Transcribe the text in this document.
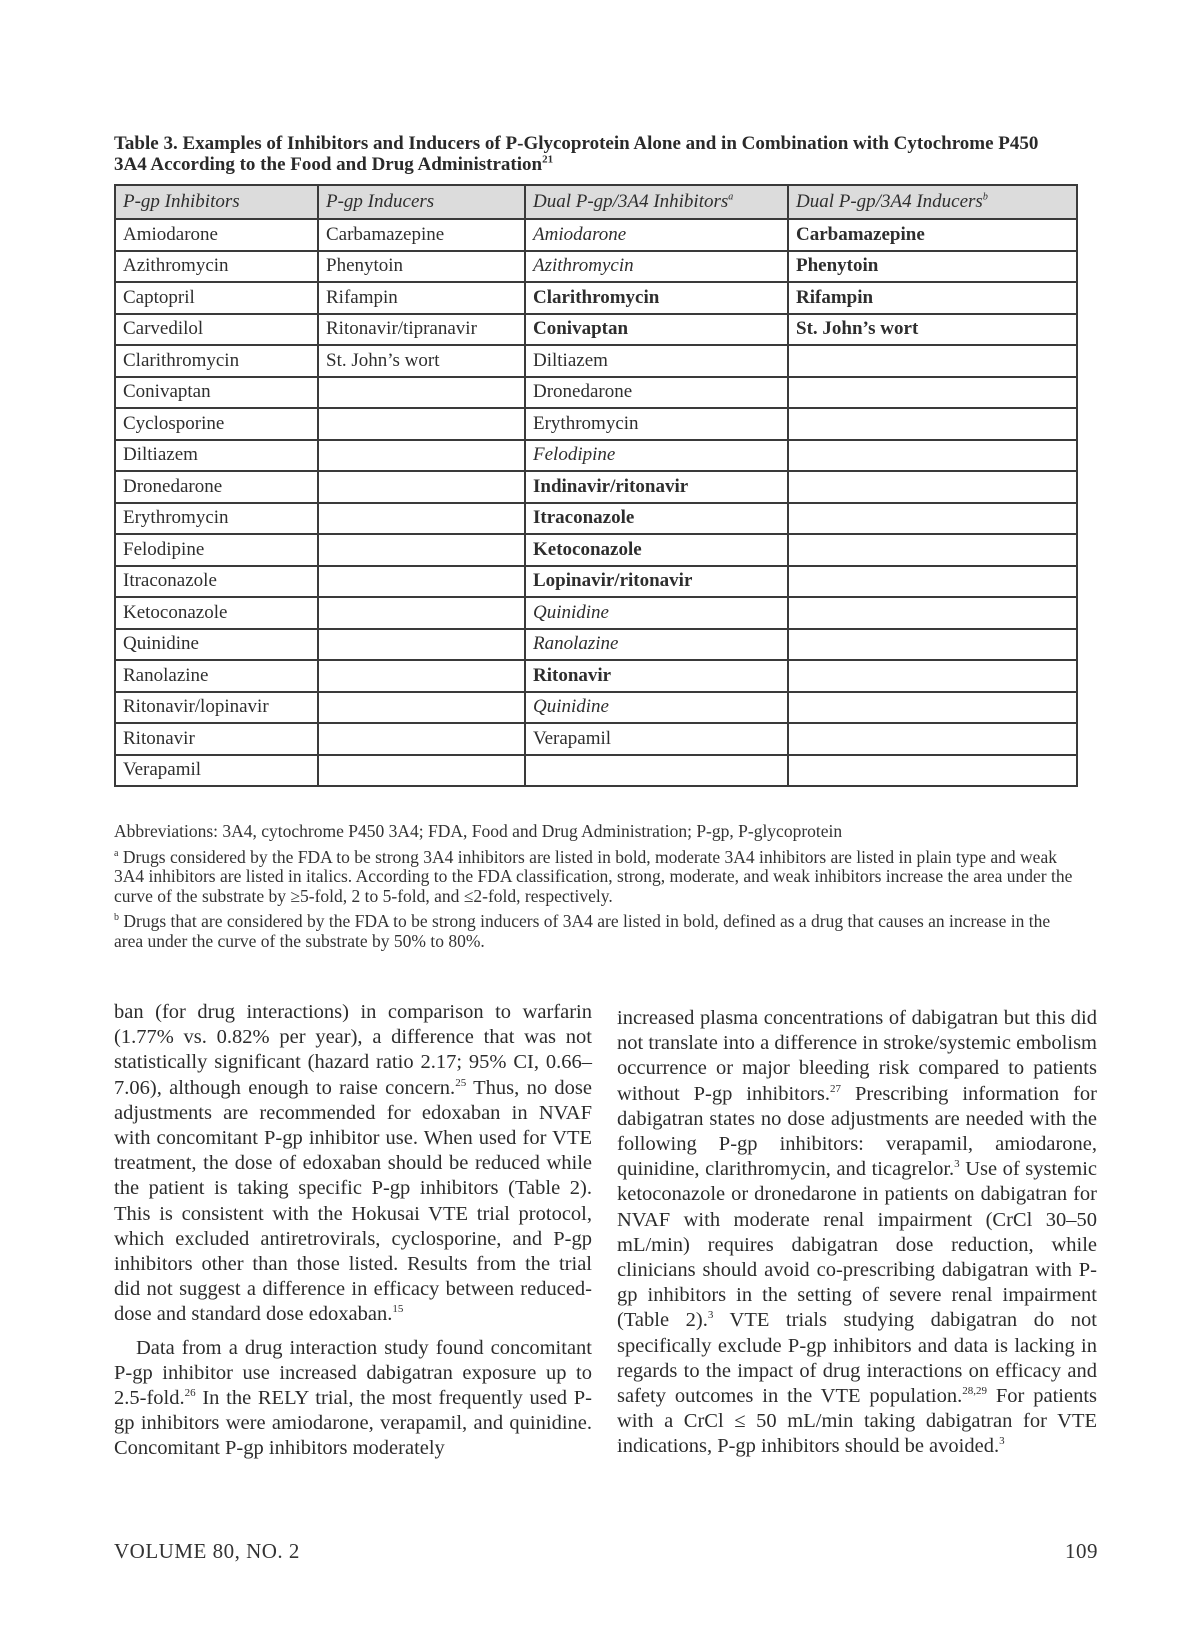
Table 3. Examples of Inhibitors and Inducers of P-Glycoprotein Alone and in Combination with Cytochrome P450 3A4 According to the Food and Drug Administration$^{21}$
P-gp Inhibitors	P-gp Inducers	Dual P-gp/3A4 Inhibitors$^a$	Dual P-gp/3A4 Inducers$^b$
Amiodarone	Carbamazepine	Amiodarone	Carbamazepine
Azithromycin	Phenytoin	Azithromycin	Phenytoin
Captopril	Rifampin	Clarithromycin	Rifampin
Carvedilol	Ritonavir/tipranavir	Conivaptan	St. John’s wort
Clarithromycin	St. John’s wort	Diltiazem	
Conivaptan		Dronedarone	
Cyclosporine		Erythromycin	
Diltiazem		Felodipine	
Dronedarone		Indinavir/ritonavir	
Erythromycin		Itraconazole	
Felodipine		Ketoconazole	
Itraconazole		Lopinavir/ritonavir	
Ketoconazole		Quinidine	
Quinidine		Ranolazine	
Ranolazine		Ritonavir	
Ritonavir/lopinavir		Quinidine	
Ritonavir		Verapamil	
Verapamil			

Abbreviations: 3A4, cytochrome P450 3A4; FDA, Food and Drug Administration; P-gp, P-glycoprotein

$^a$ Drugs considered by the FDA to be strong 3A4 inhibitors are listed in bold, moderate 3A4 inhibitors are listed in plain type and weak 3A4 inhibitors are listed in italics. According to the FDA classification, strong, moderate, and weak inhibitors increase the area under the curve of the substrate by ≥5-fold, 2 to 5-fold, and ≤2-fold, respectively.

$^b$ Drugs that are considered by the FDA to be strong inducers of 3A4 are listed in bold, defined as a drug that causes an increase in the area under the curve of the substrate by 50% to 80%.

ban (for drug interactions) in comparison to warfarin (1.77% vs. 0.82% per year), a difference that was not statistically significant (hazard ratio 2.17; 95% CI, 0.66–7.06), although enough to raise concern.$^{25}$ Thus, no dose adjustments are recommended for edoxaban in NVAF with concomitant P-gp inhibitor use. When used for VTE treatment, the dose of edoxaban should be reduced while the patient is taking specific P-gp inhibitors (Table 2). This is consistent with the Hokusai VTE trial protocol, which excluded antiretrovirals, cyclosporine, and P-gp inhibitors other than those listed. Results from the trial did not suggest a difference in efficacy between reduced-dose and standard dose edoxaban.$^{15}$

Data from a drug interaction study found concomitant P-gp inhibitor use increased dabigatran exposure up to 2.5-fold.$^{26}$ In the RELY trial, the most frequently used P-gp inhibitors were amiodarone, verapamil, and quinidine. Concomitant P-gp inhibitors moderately

increased plasma concentrations of dabigatran but this did not translate into a difference in stroke/systemic embolism occurrence or major bleeding risk compared to patients without P-gp inhibitors.$^{27}$ Prescribing information for dabigatran states no dose adjustments are needed with the following P-gp inhibitors: verapamil, amiodarone, quinidine, clarithromycin, and ticagrelor.$^3$ Use of systemic ketoconazole or dronedarone in patients on dabigatran for NVAF with moderate renal impairment (CrCl 30–50 mL/min) requires dabigatran dose reduction, while clinicians should avoid co-prescribing dabigatran with P-gp inhibitors in the setting of severe renal impairment (Table 2).$^3$ VTE trials studying dabigatran do not specifically exclude P-gp inhibitors and data is lacking in regards to the impact of drug interactions on efficacy and safety outcomes in the VTE population.$^{28,29}$ For patients with a CrCl ≤ 50 mL/min taking dabigatran for VTE indications, P-gp inhibitors should be avoided.$^3$

VOLUME 80, NO. 2	109
